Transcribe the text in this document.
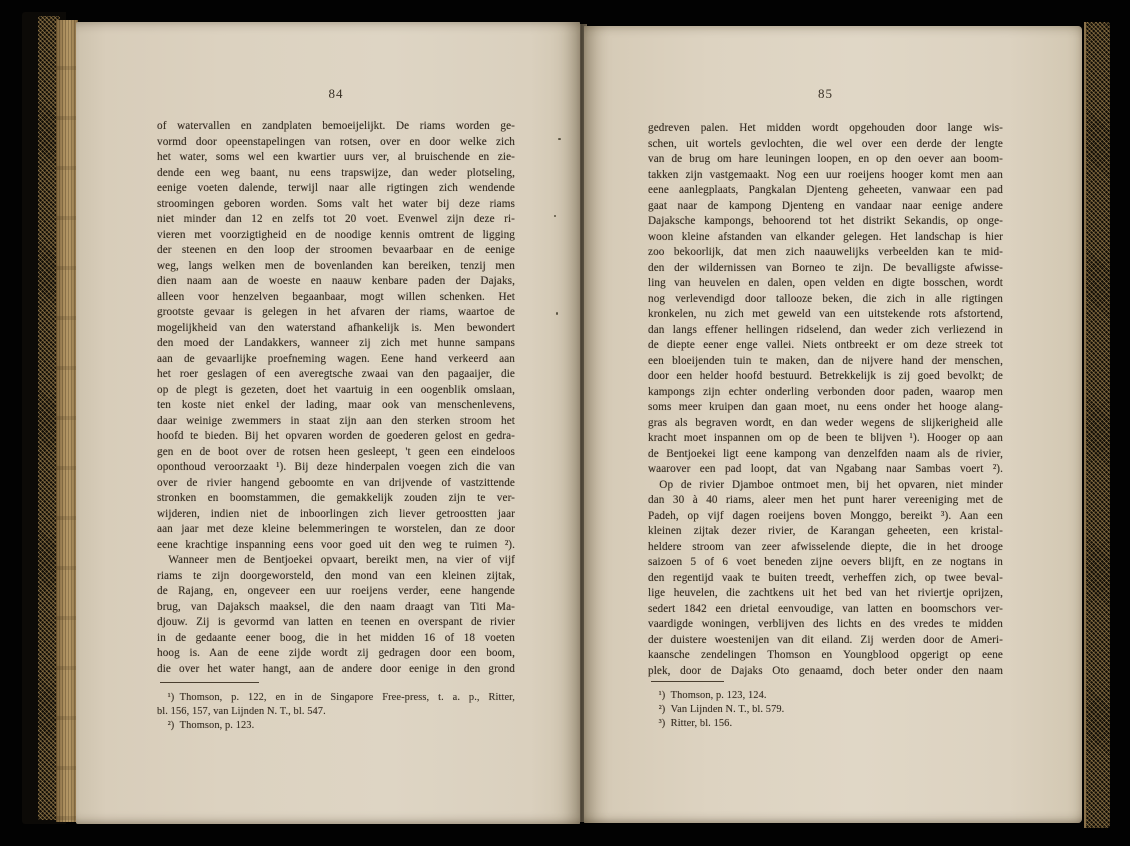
84
of watervallen en zandplaten bemoeijelijkt. De riams worden ge-
vormd door opeenstapelingen van rotsen, over en door welke zich
het water, soms wel een kwartier uurs ver, al bruischende en zie-
dende een weg baant, nu eens trapswijze, dan weder plotseling,
eenige voeten dalende, terwijl naar alle rigtingen zich wendende
stroomingen geboren worden. Soms valt het water bij deze riams
niet minder dan 12 en zelfs tot 20 voet. Evenwel zijn deze ri-
vieren met voorzigtigheid en de noodige kennis omtrent de ligging
der steenen en den loop der stroomen bevaarbaar en de eenige
weg, langs welken men de bovenlanden kan bereiken, tenzij men
dien naam aan de woeste en naauw kenbare paden der Dajaks,
alleen voor henzelven begaanbaar, mogt willen schenken. Het
grootste gevaar is gelegen in het afvaren der riams, waartoe de
mogelijkheid van den waterstand afhankelijk is. Men bewondert
den moed der Landakkers, wanneer zij zich met hunne sampans
aan de gevaarlijke proefneming wagen. Eene hand verkeerd aan
het roer geslagen of een averegtsche zwaai van den pagaaijer, die
op de plegt is gezeten, doet het vaartuig in een oogenblik omslaan,
ten koste niet enkel der lading, maar ook van menschenlevens,
daar weinige zwemmers in staat zijn aan den sterken stroom het
hoofd te bieden. Bij het opvaren worden de goederen gelost en gedra-
gen en de boot over de rotsen heen gesleept, 't geen een eindeloos
oponthoud veroorzaakt ¹). Bij deze hinderpalen voegen zich die van
over de rivier hangend geboomte en van drijvende of vastzittende
stronken en boomstammen, die gemakkelijk zouden zijn te ver-
wijderen, indien niet de inboorlingen zich liever getroostten jaar
aan jaar met deze kleine belemmeringen te worstelen, dan ze door
eene krachtige inspanning eens voor goed uit den weg te ruimen ²).
 Wanneer men de Bentjoekei opvaart, bereikt men, na vier of vijf
riams te zijn doorgeworsteld, den mond van een kleinen zijtak,
de Rajang, en, ongeveer een uur roeijens verder, eene hangende
brug, van Dajaksch maaksel, die den naam draagt van Titi Ma-
djouw. Zij is gevormd van latten en teenen en overspant de rivier
in de gedaante eener boog, die in het midden 16 of 18 voeten
hoog is. Aan de eene zijde wordt zij gedragen door een boom,
die over het water hangt, aan de andere door eenige in den grond
  ¹) Thomson, p. 122, en in de Singapore Free-press, t. a. p., Ritter,
bl. 156, 157, van Lijnden N. T., bl. 547.
  ²) Thomson, p. 123.
85
gedreven palen. Het midden wordt opgehouden door lange wis-
schen, uit wortels gevlochten, die wel over een derde der lengte
van de brug om hare leuningen loopen, en op den oever aan boom-
takken zijn vastgemaakt. Nog een uur roeijens hooger komt men aan
eene aanlegplaats, Pangkalan Djenteng geheeten, vanwaar een pad
gaat naar de kampong Djenteng en vandaar naar eenige andere
Dajaksche kampongs, behoorend tot het distrikt Sekandis, op onge-
woon kleine afstanden van elkander gelegen. Het landschap is hier
zoo bekoorlijk, dat men zich naauwelijks verbeelden kan te mid-
den der wildernissen van Borneo te zijn. De bevalligste afwisse-
ling van heuvelen en dalen, open velden en digte bosschen, wordt
nog verlevendigd door tallooze beken, die zich in alle rigtingen
kronkelen, nu zich met geweld van een uitstekende rots afstortend,
dan langs effener hellingen ridselend, dan weder zich verliezend in
de diepte eener enge vallei. Niets ontbreekt er om deze streek tot
een bloeijenden tuin te maken, dan de nijvere hand der menschen,
door een helder hoofd bestuurd. Betrekkelijk is zij goed bevolkt; de
kampongs zijn echter onderling verbonden door paden, waarop men
soms meer kruipen dan gaan moet, nu eens onder het hooge alang-
gras als begraven wordt, en dan weder wegens de slijkerigheid alle
kracht moet inspannen om op de been te blijven ¹). Hooger op aan
de Bentjoekei ligt eene kampong van denzelfden naam als de rivier,
waarover een pad loopt, dat van Ngabang naar Sambas voert ²).
 Op de rivier Djamboe ontmoet men, bij het opvaren, niet minder
dan 30 à 40 riams, aleer men het punt harer vereeniging met de
Padeh, op vijf dagen roeijens boven Monggo, bereikt ³). Aan een
kleinen zijtak dezer rivier, de Karangan geheeten, een kristal-
heldere stroom van zeer afwisselende diepte, die in het drooge
saizoen 5 of 6 voet beneden zijne oevers blijft, en ze nogtans in
den regentijd vaak te buiten treedt, verheffen zich, op twee beval-
lige heuvelen, die zachtkens uit het bed van het riviertje oprijzen,
sedert 1842 een drietal eenvoudige, van latten en boomschors ver-
vaardigde woningen, verblijven des lichts en des vredes te midden
der duistere woestenijen van dit eiland. Zij werden door de Ameri-
kaansche zendelingen Thomson en Youngblood opgerigt op eene
plek, door de Dajaks Oto genaamd, doch beter onder den naam
  ¹) Thomson, p. 123, 124.
  ²) Van Lijnden N. T., bl. 579.
  ³) Ritter, bl. 156.
